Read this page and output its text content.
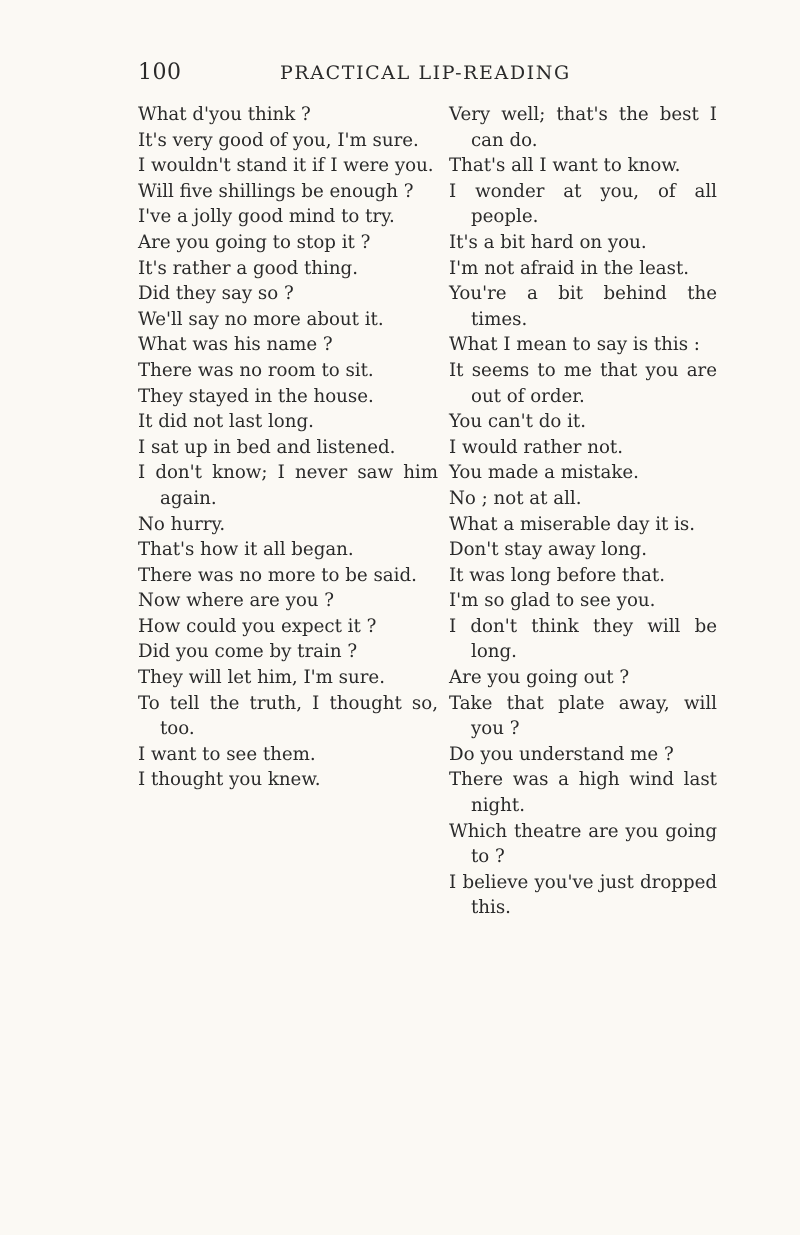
100	PRACTICAL LIP-READING

What d'you think ?

It's very good of you, I'm sure.

I wouldn't stand it if I were you.

Will five shillings be enough ?

I've a jolly good mind to try.

Are you going to stop it ?

It's rather a good thing.

Did they say so ?

We'll say no more about it.

What was his name ?

There was no room to sit.

They stayed in the house.

It did not last long.

I sat up in bed and listened.

I don't know; I never saw him again.

No hurry.

That's how it all began.

There was no more to be said.

Now where are you ?

How could you expect it ?

Did you come by train ?

They will let him, I'm sure.

To tell the truth, I thought so, too.

I want to see them.

I thought you knew.

Very well; that's the best I can do.

That's all I want to know.

I wonder at you, of all people.

It's a bit hard on you.

I'm not afraid in the least.

You're a bit behind the times.

What I mean to say is this :

It seems to me that you are out of order.

You can't do it.

I would rather not.

You made a mistake.

No ; not at all.

What a miserable day it is.

Don't stay away long.

It was long before that.

I'm so glad to see you.

I don't think they will be long.

Are you going out ?

Take that plate away, will you ?

Do you understand me ?

There was a high wind last night.

Which theatre are you going to ?

I believe you've just dropped this.
